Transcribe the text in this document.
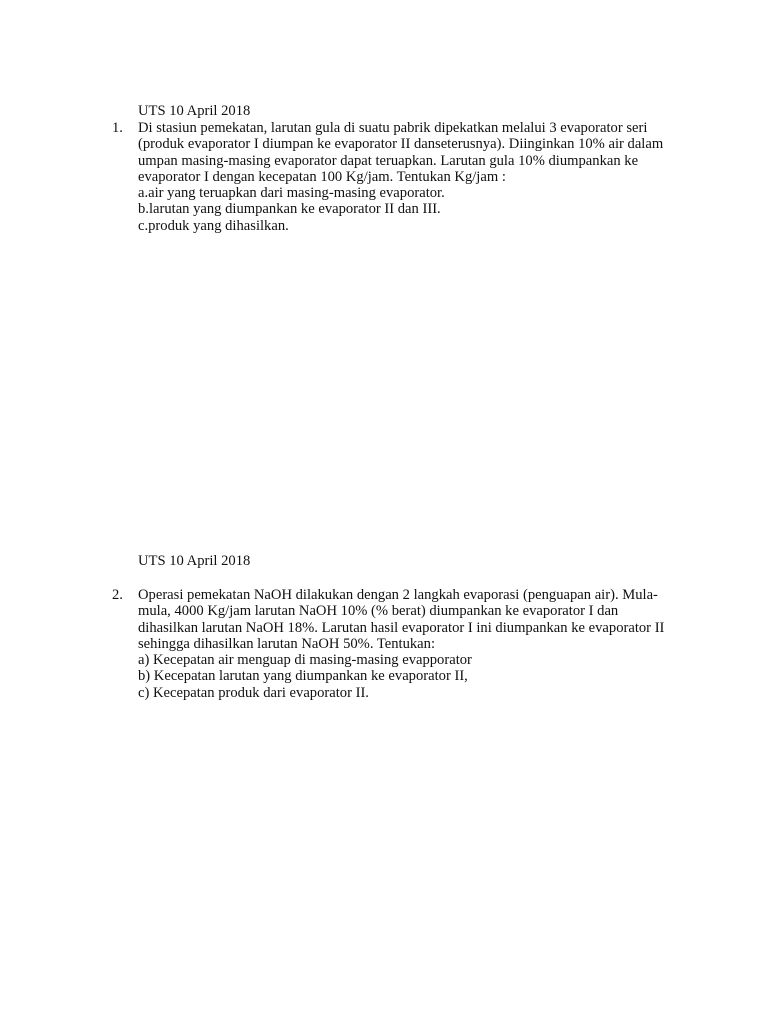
UTS 10 April 2018
1.	Di stasiun pemekatan, larutan gula di suatu pabrik dipekatkan melalui 3 evaporator seri
(produk evaporator I diumpan ke evaporator II danseterusnya). Diinginkan 10% air dalam
umpan masing-masing evaporator dapat teruapkan. Larutan gula 10% diumpankan ke
evaporator I dengan kecepatan 100 Kg/jam. Tentukan Kg/jam :
a.air yang teruapkan dari masing-masing evaporator.
b.larutan yang diumpankan ke evaporator II dan III.
c.produk yang dihasilkan.
UTS 10 April 2018
2.	Operasi pemekatan NaOH dilakukan dengan 2 langkah evaporasi (penguapan air). Mula-
mula, 4000 Kg/jam larutan NaOH 10% (% berat) diumpankan ke evaporator I dan
dihasilkan larutan NaOH 18%. Larutan hasil evaporator I ini diumpankan ke evaporator II
sehingga dihasilkan larutan NaOH 50%. Tentukan:
a) Kecepatan air menguap di masing-masing evapporator
b) Kecepatan larutan yang diumpankan ke evaporator II,
c) Kecepatan produk dari evaporator II.
